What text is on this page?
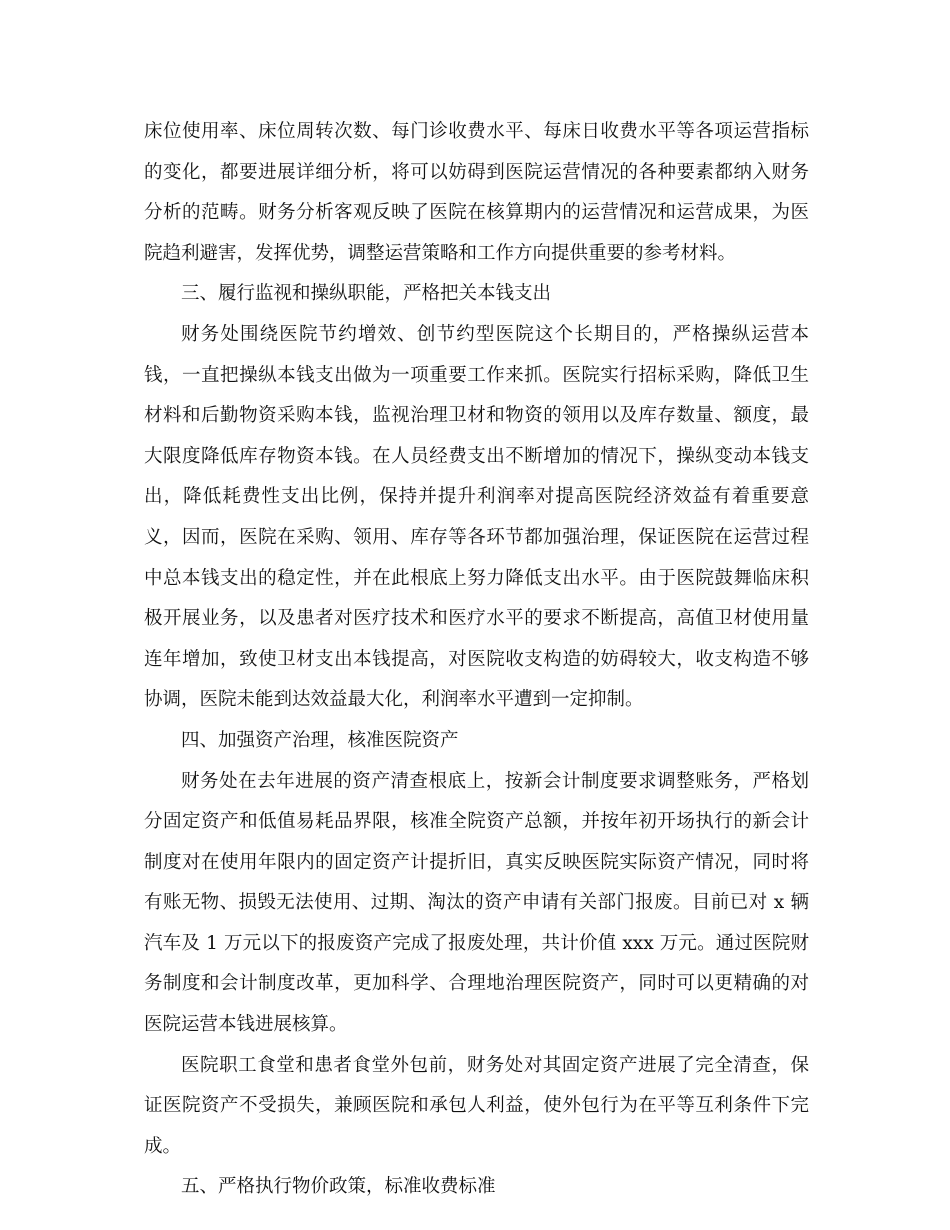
床位使用率、床位周转次数、每门诊收费水平、每床日收费水平等各项运营指标的变化，都要进展详细分析，将可以妨碍到医院运营情况的各种要素都纳入财务分析的范畴。财务分析客观反映了医院在核算期内的运营情况和运营成果，为医院趋利避害，发挥优势，调整运营策略和工作方向提供重要的参考材料。

三、履行监视和操纵职能，严格把关本钱支出

财务处围绕医院节约增效、创节约型医院这个长期目的，严格操纵运营本钱，一直把操纵本钱支出做为一项重要工作来抓。医院实行招标采购，降低卫生材料和后勤物资采购本钱，监视治理卫材和物资的领用以及库存数量、额度，最大限度降低库存物资本钱。在人员经费支出不断增加的情况下，操纵变动本钱支出，降低耗费性支出比例，保持并提升利润率对提高医院经济效益有着重要意义，因而，医院在采购、领用、库存等各环节都加强治理，保证医院在运营过程中总本钱支出的稳定性，并在此根底上努力降低支出水平。由于医院鼓舞临床积极开展业务，以及患者对医疗技术和医疗水平的要求不断提高，高值卫材使用量连年增加，致使卫材支出本钱提高，对医院收支构造的妨碍较大，收支构造不够协调，医院未能到达效益最大化，利润率水平遭到一定抑制。

四、加强资产治理，核准医院资产

财务处在去年进展的资产清查根底上，按新会计制度要求调整账务，严格划分固定资产和低值易耗品界限，核准全院资产总额，并按年初开场执行的新会计制度对在使用年限内的固定资产计提折旧，真实反映医院实际资产情况，同时将有账无物、损毁无法使用、过期、淘汰的资产申请有关部门报废。目前已对 x 辆汽车及 1 万元以下的报废资产完成了报废处理，共计价值 xxx 万元。通过医院财务制度和会计制度改革，更加科学、合理地治理医院资产，同时可以更精确的对医院运营本钱进展核算。

医院职工食堂和患者食堂外包前，财务处对其固定资产进展了完全清查，保证医院资产不受损失，兼顾医院和承包人利益，使外包行为在平等互利条件下完成。

五、严格执行物价政策，标准收费标准
